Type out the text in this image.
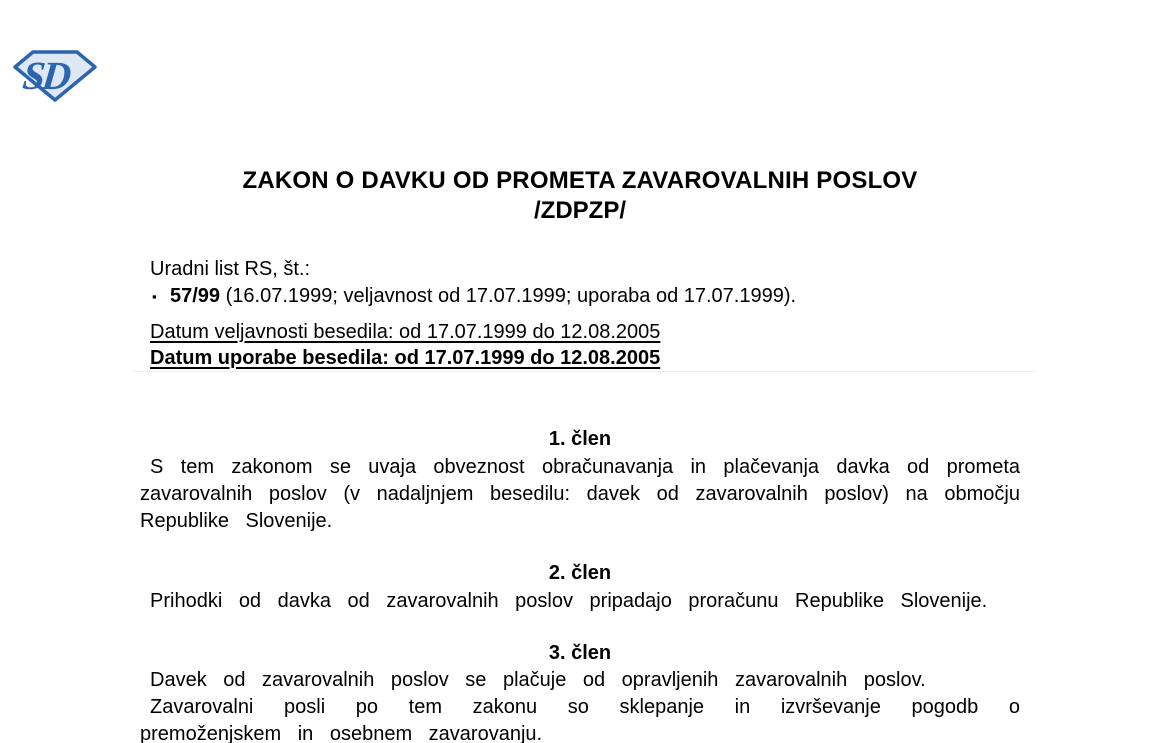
SD
ZAKON O DAVKU OD PROMETA ZAVAROVALNIH POSLOV
/ZDPZP/
Uradni list RS, št.:
▪ 57/99 (16.07.1999; veljavnost od 17.07.1999; uporaba od 17.07.1999).
Datum veljavnosti besedila: od 17.07.1999 do 12.08.2005
Datum uporabe besedila: od 17.07.1999 do 12.08.2005
1. člen
S tem zakonom se uvaja obveznost obračunavanja in plačevanja davka od prometa zavarovalnih poslov (v nadaljnjem besedilu: davek od zavarovalnih poslov) na območju Republike Slovenije.
2. člen
Prihodki od davka od zavarovalnih poslov pripadajo proračunu Republike Slovenije.
3. člen
Davek od zavarovalnih poslov se plačuje od opravljenih zavarovalnih poslov.
Zavarovalni posli po tem zakonu so sklepanje in izvrševanje pogodb o premoženjskem in osebnem zavarovanju.
